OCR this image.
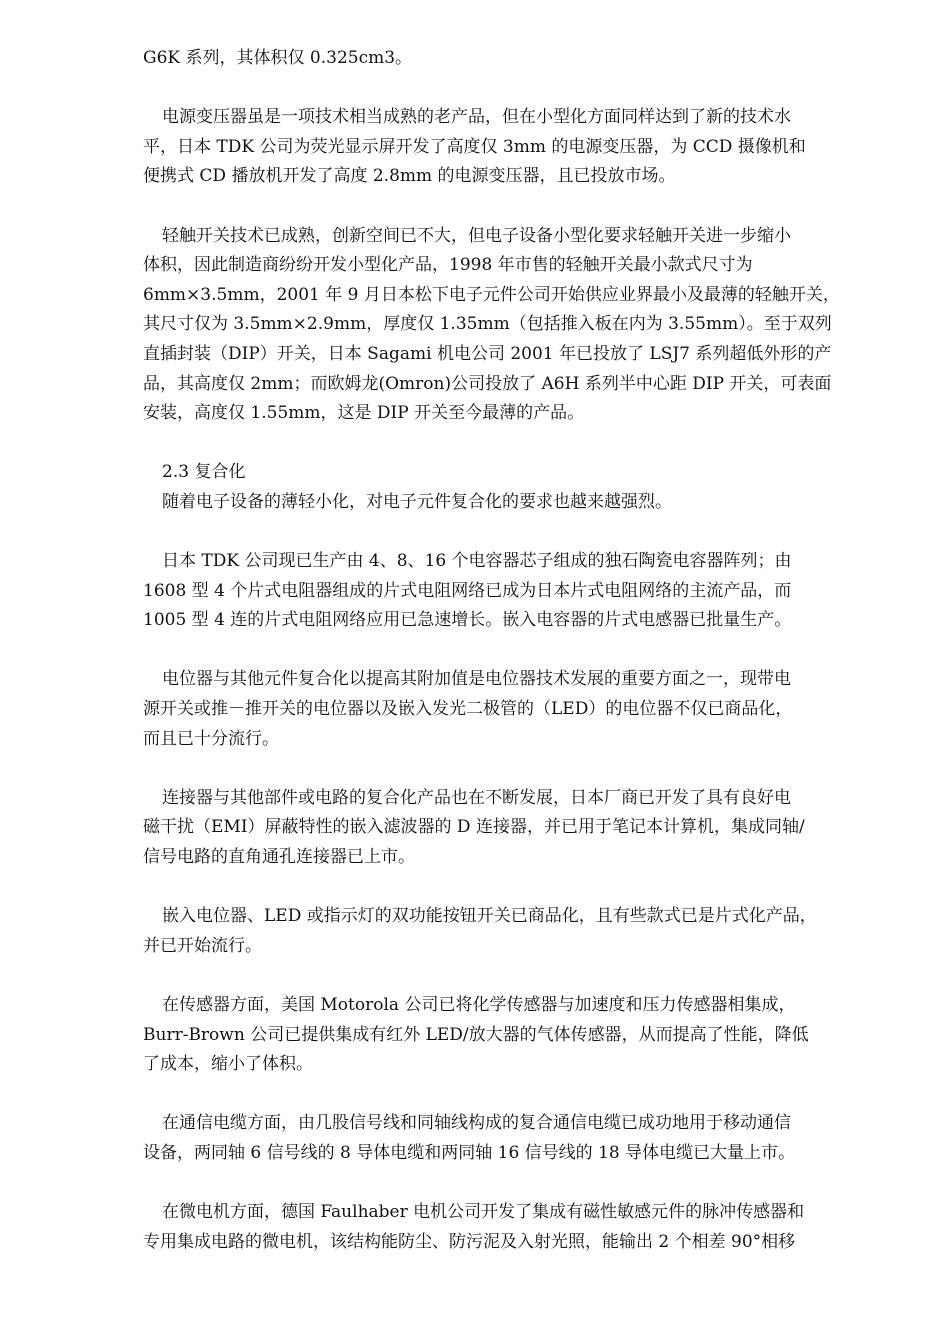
G6K 系列，其体积仅 0.325cm3。

电源变压器虽是一项技术相当成熟的老产品，但在小型化方面同样达到了新的技术水
平，日本 TDK 公司为荧光显示屏开发了高度仅 3mm 的电源变压器，为 CCD 摄像机和
便携式 CD 播放机开发了高度 2.8mm 的电源变压器，且已投放市场。

轻触开关技术已成熟，创新空间已不大，但电子设备小型化要求轻触开关进一步缩小
体积，因此制造商纷纷开发小型化产品，1998 年市售的轻触开关最小款式尺寸为
6mm×3.5mm，2001 年 9 月日本松下电子元件公司开始供应业界最小及最薄的轻触开关，
其尺寸仅为 3.5mm×2.9mm，厚度仅 1.35mm（包括推入板在内为 3.55mm）。至于双列
直插封装（DIP）开关，日本 Sagami 机电公司 2001 年已投放了 LSJ7 系列超低外形的产
品，其高度仅 2mm；而欧姆龙(Omron)公司投放了 A6H 系列半中心距 DIP 开关，可表面
安装，高度仅 1.55mm，这是 DIP 开关至今最薄的产品。

2.3 复合化
随着电子设备的薄轻小化，对电子元件复合化的要求也越来越强烈。

日本 TDK 公司现已生产由 4、8、16 个电容器芯子组成的独石陶瓷电容器阵列；由
1608 型 4 个片式电阻器组成的片式电阻网络已成为日本片式电阻网络的主流产品，而
1005 型 4 连的片式电阻网络应用已急速增长。嵌入电容器的片式电感器已批量生产。

电位器与其他元件复合化以提高其附加值是电位器技术发展的重要方面之一，现带电
源开关或推－推开关的电位器以及嵌入发光二极管的（LED）的电位器不仅已商品化，
而且已十分流行。

连接器与其他部件或电路的复合化产品也在不断发展，日本厂商已开发了具有良好电
磁干扰（EMI）屏蔽特性的嵌入滤波器的 D 连接器，并已用于笔记本计算机，集成同轴/
信号电路的直角通孔连接器已上市。

嵌入电位器、LED 或指示灯的双功能按钮开关已商品化，且有些款式已是片式化产品，
并已开始流行。

在传感器方面，美国 Motorola 公司已将化学传感器与加速度和压力传感器相集成，
Burr-Brown 公司已提供集成有红外 LED/放大器的气体传感器，从而提高了性能，降低
了成本，缩小了体积。

在通信电缆方面，由几股信号线和同轴线构成的复合通信电缆已成功地用于移动通信
设备，两同轴 6 信号线的 8 导体电缆和两同轴 16 信号线的 18 导体电缆已大量上市。

在微电机方面，德国 Faulhaber 电机公司开发了集成有磁性敏感元件的脉冲传感器和
专用集成电路的微电机，该结构能防尘、防污泥及入射光照，能输出 2 个相差 90°相移
